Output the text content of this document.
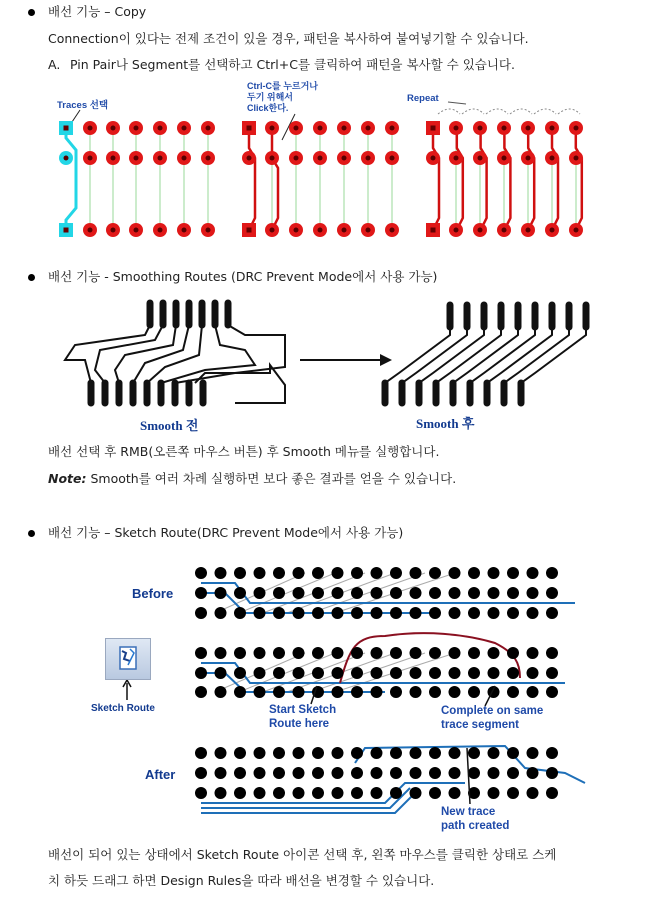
배선 기능 – Copy
Connection이 있다는 전제 조건이 있을 경우, 패턴을 복사하여 붙여넣기할 수 있습니다.
A. Pin Pair나 Segment를 선택하고 Ctrl+C를 클릭하여 패턴을 복사할 수 있습니다.
Traces 선택
Ctrl-C를 누르거나
두기 위해서
Click한다.
Repeat
배선 기능 - Smoothing Routes (DRC Prevent Mode에서 사용 가능)
Smooth 전	Smooth 후
배선 선택 후 RMB(오른쪽 마우스 버튼) 후 Smooth 메뉴를 실행합니다.
Note: Smooth를 여러 차례 실행하면 보다 좋은 결과를 얻을 수 있습니다.
배선 기능 – Sketch Route(DRC Prevent Mode에서 사용 가능)
Before
After
Sketch Route	Start Sketch
Route here
Complete on same
trace segment
New trace
path created
배선이 되어 있는 상태에서 Sketch Route 아이콘 선택 후, 왼쪽 마우스를 클릭한 상태로 스케
치 하듯 드래그 하면 Design Rules을 따라 배선을 변경할 수 있습니다.
